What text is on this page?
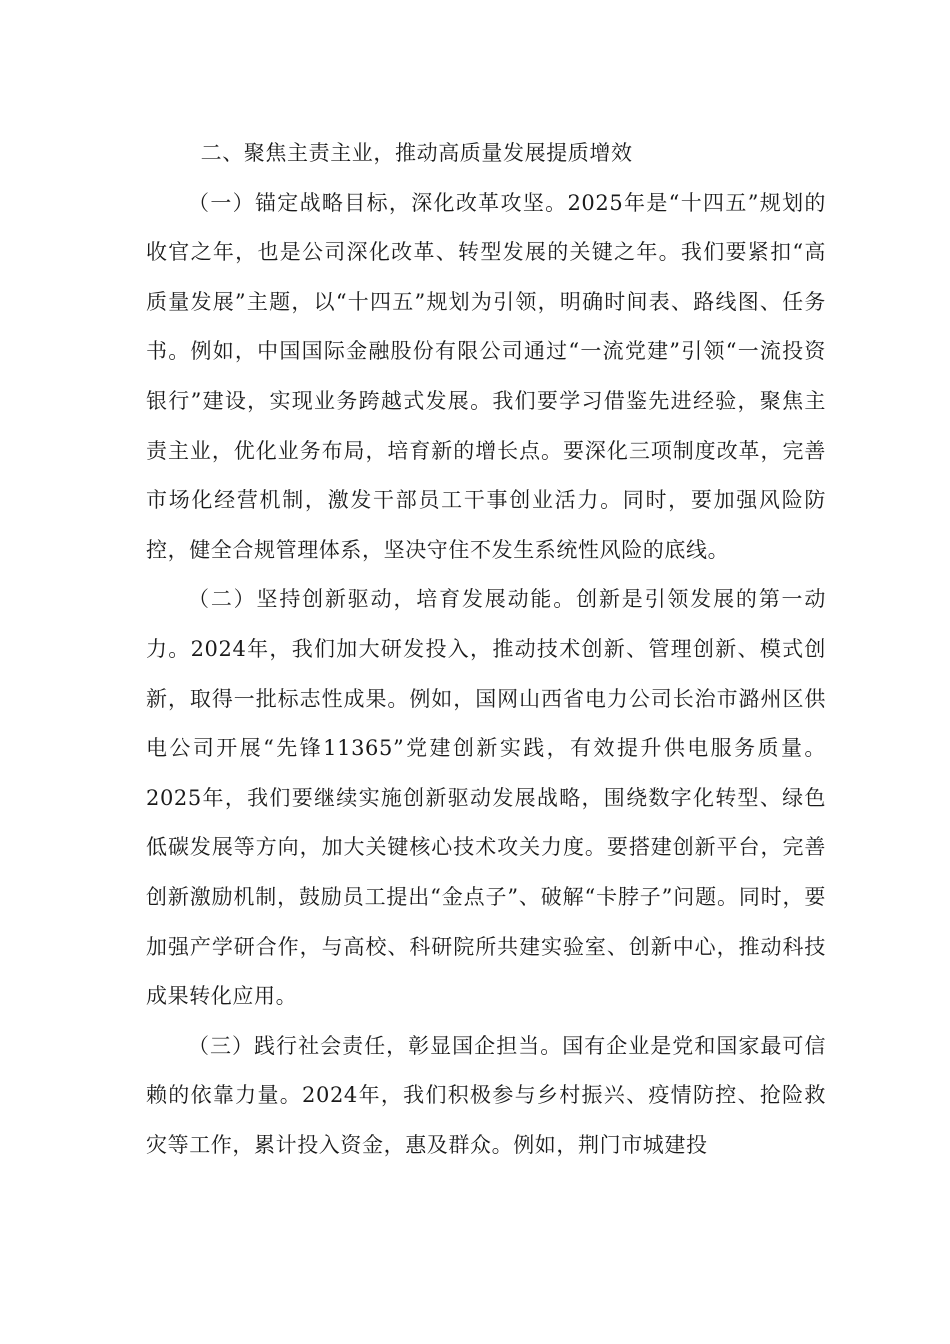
二、聚焦主责主业，推动高质量发展提质增效

（一）锚定战略目标，深化改革攻坚。2025年是“十四五”规划的收官之年，也是公司深化改革、转型发展的关键之年。我们要紧扣“高质量发展”主题，以“十四五”规划为引领，明确时间表、路线图、任务书。例如，中国国际金融股份有限公司通过“一流党建”引领“一流投资银行”建设，实现业务跨越式发展。我们要学习借鉴先进经验，聚焦主责主业，优化业务布局，培育新的增长点。要深化三项制度改革，完善市场化经营机制，激发干部员工干事创业活力。同时，要加强风险防控，健全合规管理体系，坚决守住不发生系统性风险的底线。

（二）坚持创新驱动，培育发展动能。创新是引领发展的第一动力。2024年，我们加大研发投入，推动技术创新、管理创新、模式创新，取得一批标志性成果。例如，国网山西省电力公司长治市潞州区供电公司开展“先锋11365”党建创新实践，有效提升供电服务质量。2025年，我们要继续实施创新驱动发展战略，围绕数字化转型、绿色低碳发展等方向，加大关键核心技术攻关力度。要搭建创新平台，完善创新激励机制，鼓励员工提出“金点子”、破解“卡脖子”问题。同时，要加强产学研合作，与高校、科研院所共建实验室、创新中心，推动科技成果转化应用。

（三）践行社会责任，彰显国企担当。国有企业是党和国家最可信赖的依靠力量。2024年，我们积极参与乡村振兴、疫情防控、抢险救灾等工作，累计投入资金，惠及群众。例如，荆门市城建投
